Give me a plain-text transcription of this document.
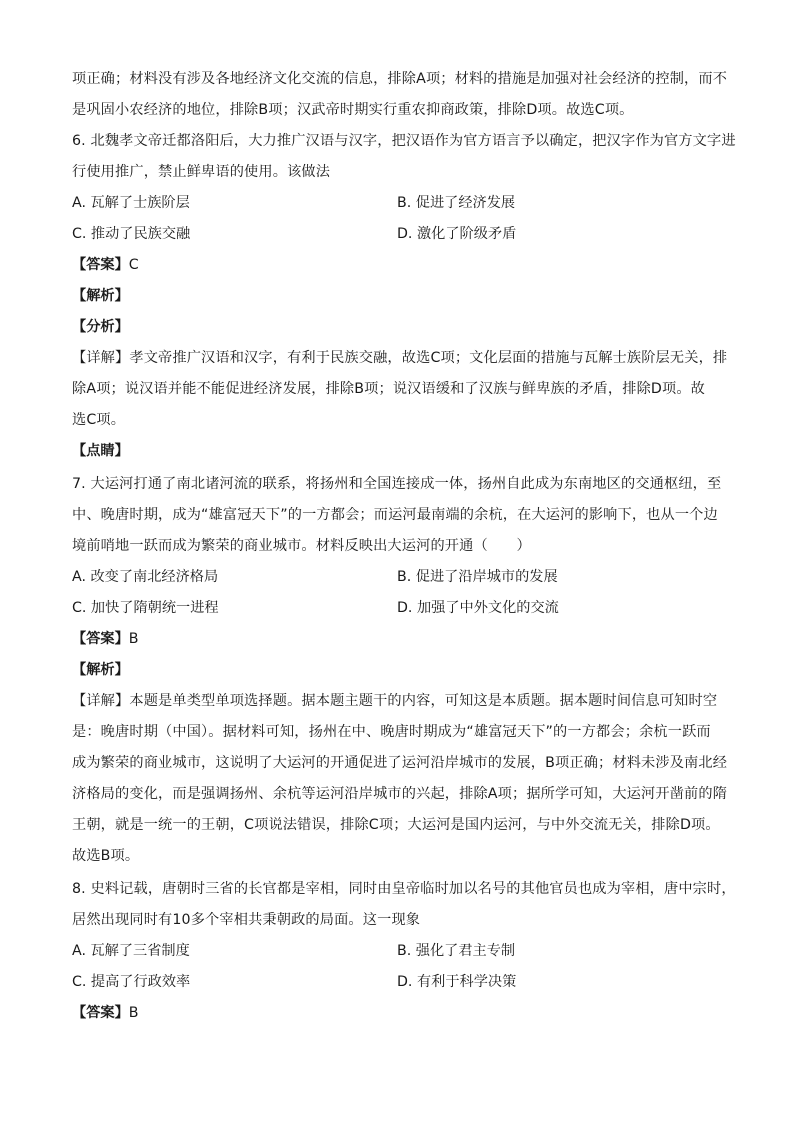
项正确；材料没有涉及各地经济文化交流的信息，排除A项；材料的措施是加强对社会经济的控制，而不
是巩固小农经济的地位，排除B项；汉武帝时期实行重农抑商政策，排除D项。故选C项。
6. 北魏孝文帝迁都洛阳后，大力推广汉语与汉字，把汉语作为官方语言予以确定，把汉字作为官方文字进
行使用推广，禁止鲜卑语的使用。该做法
A. 瓦解了士族阶层	B. 促进了经济发展
C. 推动了民族交融	D. 激化了阶级矛盾
【答案】C
【解析】
【分析】
【详解】孝文帝推广汉语和汉字，有利于民族交融，故选C项；文化层面的措施与瓦解士族阶层无关，排
除A项；说汉语并能不能促进经济发展，排除B项；说汉语缓和了汉族与鲜卑族的矛盾，排除D项。故
选C项。
【点睛】
7. 大运河打通了南北诸河流的联系，将扬州和全国连接成一体，扬州自此成为东南地区的交通枢纽，至
中、晚唐时期，成为“雄富冠天下”的一方都会；而运河最南端的余杭，在大运河的影响下，也从一个边
境前哨地一跃而成为繁荣的商业城市。材料反映出大运河的开通（　　）
A. 改变了南北经济格局	B. 促进了沿岸城市的发展
C. 加快了隋朝统一进程	D. 加强了中外文化的交流
【答案】B
【解析】
【详解】本题是单类型单项选择题。据本题主题干的内容，可知这是本质题。据本题时间信息可知时空
是：晚唐时期（中国）。据材料可知，扬州在中、晚唐时期成为“雄富冠天下”的一方都会；余杭一跃而
成为繁荣的商业城市，这说明了大运河的开通促进了运河沿岸城市的发展，B项正确；材料未涉及南北经
济格局的变化，而是强调扬州、余杭等运河沿岸城市的兴起，排除A项；据所学可知，大运河开凿前的隋
王朝，就是一统一的王朝，C项说法错误，排除C项；大运河是国内运河，与中外交流无关，排除D项。
故选B项。
8. 史料记载，唐朝时三省的长官都是宰相，同时由皇帝临时加以名号的其他官员也成为宰相，唐中宗时，
居然出现同时有10多个宰相共秉朝政的局面。这一现象
A. 瓦解了三省制度	B. 强化了君主专制
C. 提高了行政效率	D. 有利于科学决策
【答案】B
